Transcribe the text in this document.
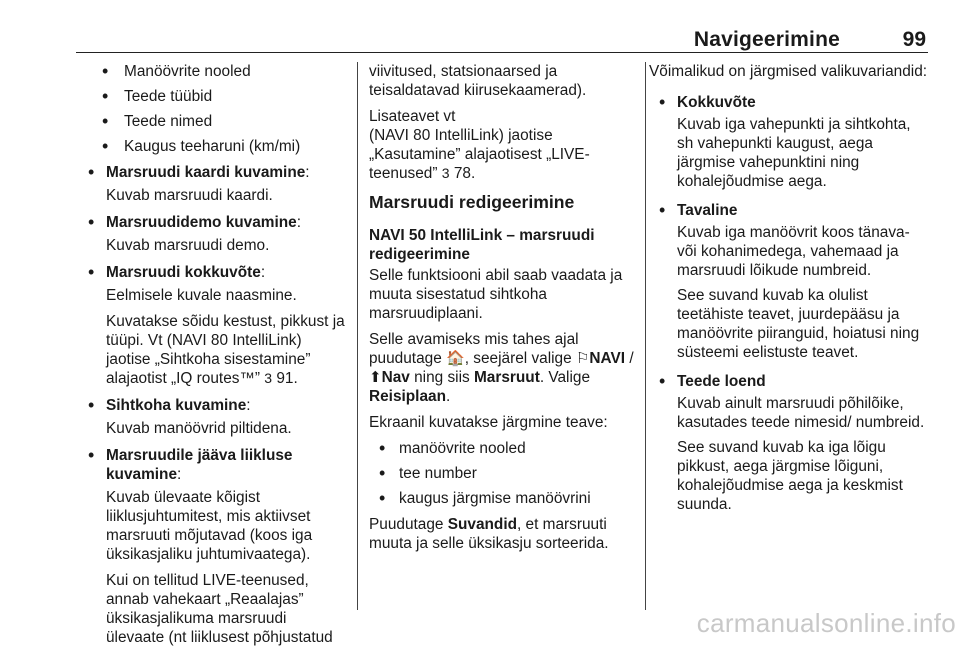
Navigeerimine	99
• Manöövrite nooled
• Teede tüübid
• Teede nimed
• Kaugus teeharuni (km/mi)
• Marsruudi kaardi kuvamine:

Kuvab marsruudi kaardi.

• Marsruudidemo kuvamine:

Kuvab marsruudi demo.

• Marsruudi kokkuvõte:

Eelmisele kuvale naasmine.

Kuvatakse sõidu kestust, pikkust ja tüüpi. Vt (NAVI 80 IntelliLink) jaotise „Sihtkoha sisestamine” alajaotist „IQ routes™” 3 91.

• Sihtkoha kuvamine:

Kuvab manöövrid piltidena.

• Marsruudile jääva liikluse kuvamine:

Kuvab ülevaate kõigist liiklusjuhtumitest, mis aktiivset marsruuti mõjutavad (koos iga üksikasjaliku juhtumivaatega).

Kui on tellitud LIVE-teenused, annab vahekaart „Reaalajas” üksikasjalikuma marsruudi ülevaate (nt liiklusest põhjustatud

viivitused, statsionaarsed ja teisaldatavad kiirusekaamerad).

Lisateavet vt
(NAVI 80 IntelliLink) jaotise „Kasutamine” alajaotisest „LIVE-teenused” 3 78.

Marsruudi redigeerimine

NAVI 50 IntelliLink – marsruudi redigeerimine

Selle funktsiooni abil saab vaadata ja muuta sisestatud sihtkoha marsruudiplaani.

Selle avamiseks mis tahes ajal puudutage 🏠, seejärel valige ⚐NAVI / ⬆Nav ning siis Marsruut. Valige Reisiplaan.

Ekraanil kuvatakse järgmine teave:

• manöövrite nooled
• tee number
• kaugus järgmise manöövrini

Puudutage Suvandid, et marsruuti muuta ja selle üksikasju sorteerida.

Võimalikud on järgmised valikuvariandid:

• Kokkuvõte

Kuvab iga vahepunkti ja sihtkohta, sh vahepunkti kaugust, aega järgmise vahepunktini ning kohalejõudmise aega.

• Tavaline

Kuvab iga manöövrit koos tänava- või kohanimedega, vahemaad ja marsruudi lõikude numbreid.

See suvand kuvab ka olulist teetähiste teavet, juurdepääsu ja manöövrite piiranguid, hoiatusi ning süsteemi eelistuste teavet.

• Teede loend

Kuvab ainult marsruudi põhilõike, kasutades teede nimesid/ numbreid.

See suvand kuvab ka iga lõigu pikkust, aega järgmise lõiguni, kohalejõudmise aega ja keskmist suunda.

carmanualsonline.info
